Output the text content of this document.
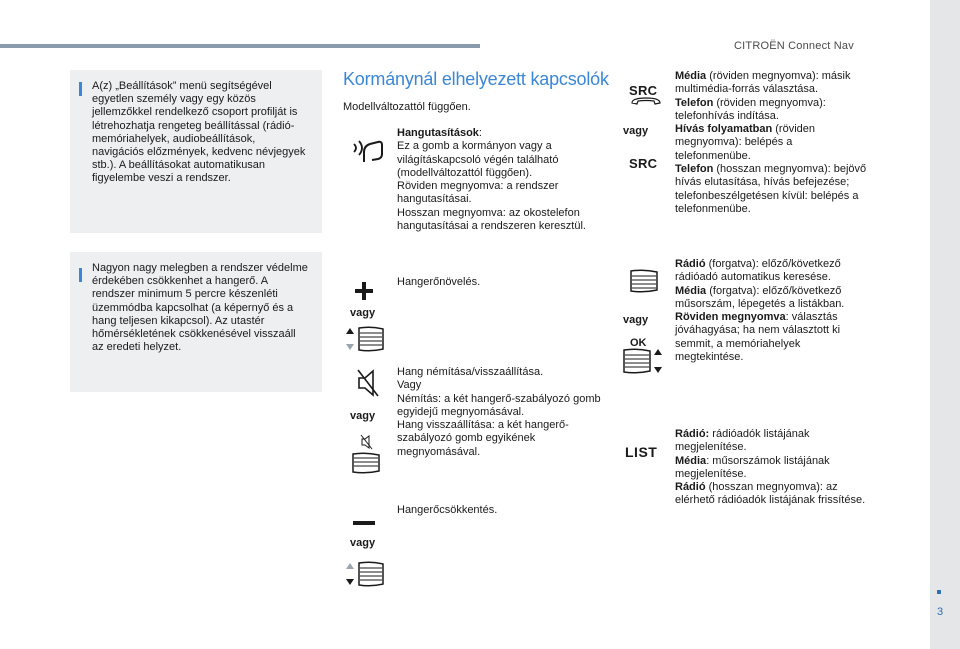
CITROËN Connect Nav
3

A(z) „Beállítások” menü segítségével egyetlen személy vagy egy közös jellemzőkkel rendelkező csoport profilját is létrehozhatja rengeteg beállítással (rádió-memóriahelyek, audiobeállítások, navigációs előzmények, kedvenc névjegyek stb.). A beállításokat automatikusan figyelembe veszi a rendszer.

Nagyon nagy melegben a rendszer védelme érdekében csökkenhet a hangerő. A rendszer minimum 5 percre készenléti üzemmódba kapcsolhat (a képernyő és a hang teljesen kikapcsol). Az utastér hőmérsékletének csökkenésével visszaáll az eredeti helyzet.

Kormánynál elhelyezett kapcsolók
Modellváltozattól függően.
Hangutasítások:
Ez a gomb a kormányon vagy a világításkapcsoló végén található (modellváltozattól függően).
Röviden megnyomva: a rendszer hangutasításai.
Hosszan megnyomva: az okostelefon hangutasításai a rendszeren keresztül.
vagy
Hangerőnövelés.
vagy
Hang némítása/visszaállítása.
Vagy
Némítás: a két hangerő-szabályozó gomb egyidejű megnyomásával.
Hang visszaállítása: a két hangerő-szabályozó gomb egyikének megnyomásával.
vagy
Hangerőcsökkentés.
SRC
vagy
SRC
Média (röviden megnyomva): másik multimédia-forrás választása.
Telefon (röviden megnyomva): telefonhívás indítása.
Hívás folyamatban (röviden megnyomva): belépés a telefonmenübe.
Telefon (hosszan megnyomva): bejövő hívás elutasítása, hívás befejezése; telefonbeszélgetésen kívül: belépés a telefonmenübe.
vagy
OK
Rádió (forgatva): előző/következő rádióadó automatikus keresése.
Média (forgatva): előző/következő műsorszám, lépegetés a listákban.
Röviden megnyomva: választás jóváhagyása; ha nem választott ki semmit, a memóriahelyek megtekintése.
LIST
Rádió: rádióadók listájának megjelenítése.
Média: műsorszámok listájának megjelenítése.
Rádió (hosszan megnyomva): az elérhető rádióadók listájának frissítése.
